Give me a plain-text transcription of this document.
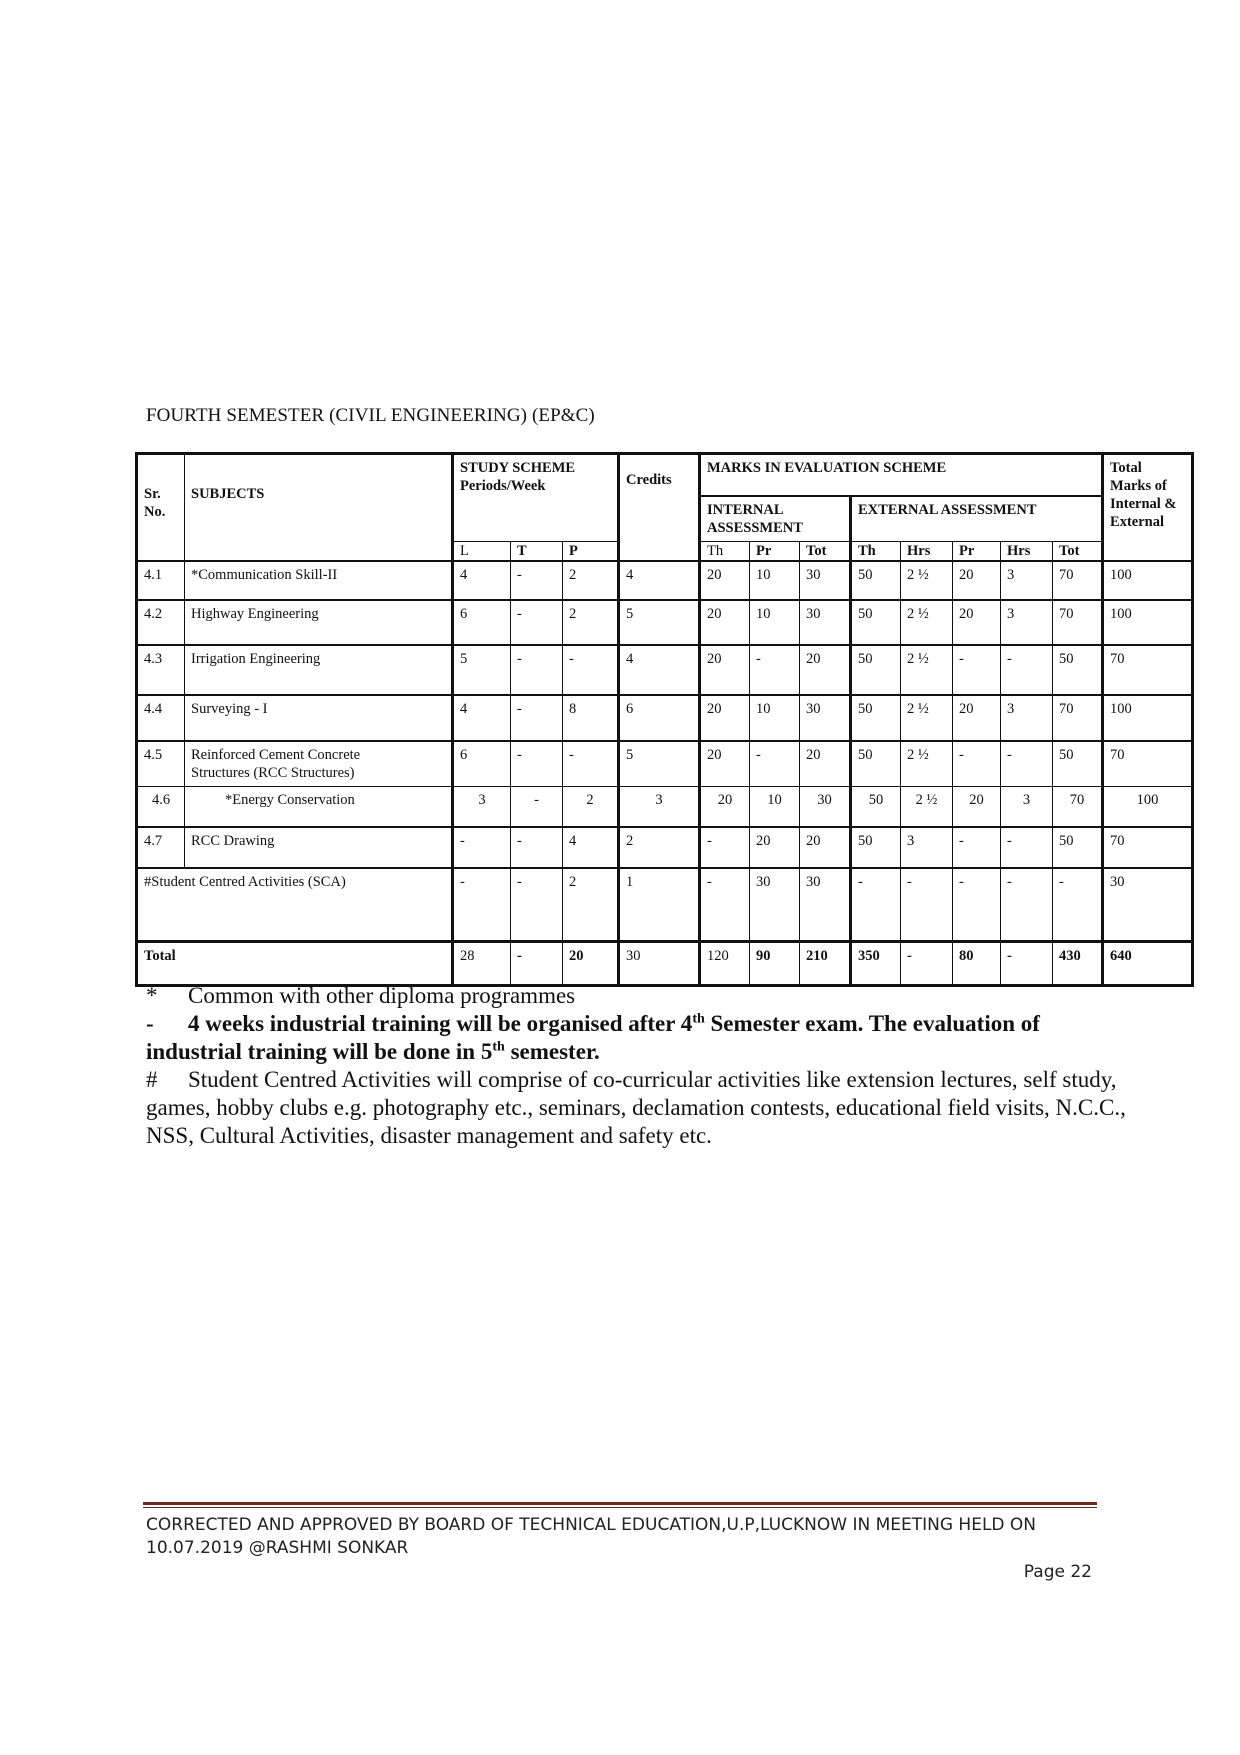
FOURTH SEMESTER (CIVIL ENGINEERING) (EP&C)
Sr. No.	SUBJECTS	STUDY SCHEME Periods/Week			Credits	MARKS IN EVALUATION SCHEME								Total Marks of Internal & External
						INTERNAL ASSESSMENT			EXTERNAL ASSESSMENT					
		L	T	P		Th	Pr	Tot	Th	Hrs	Pr	Hrs	Tot	
4.1	*Communication Skill-II	4	-	2	4	20	10	30	50	2 ½	20	3	70	100
4.2	Highway Engineering	6	-	2	5	20	10	30	50	2 ½	20	3	70	100
4.3	Irrigation Engineering	5	-	-	4	20	-	20	50	2 ½	-	-	50	70
4.4	Surveying - I	4	-	8	6	20	10	30	50	2 ½	20	3	70	100
4.5	Reinforced Cement Concrete Structures (RCC Structures)	6	-	-	5	20	-	20	50	2 ½	-	-	50	70
4.6	*Energy Conservation	3	-	2	3	20	10	30	50	2 ½	20	3	70	100
4.7	RCC Drawing	-	-	4	2	-	20	20	50	3	-	-	50	70
#Student Centred Activities (SCA)		-	-	2	1	-	30	30	-	-	-	-	-	30
Total		28	-	20	30	120	90	210	350	-	80	-	430	640

* Common with other diploma programmes

- 4 weeks industrial training will be organised after 4th Semester exam. The evaluation of industrial training will be done in 5th semester.

# Student Centred Activities will comprise of co-curricular activities like extension lectures, self study, games, hobby clubs e.g. photography etc., seminars, declamation contests, educational field visits, N.C.C., NSS, Cultural Activities, disaster management and safety etc.

CORRECTED AND APPROVED BY BOARD OF TECHNICAL EDUCATION,U.P,LUCKNOW IN MEETING HELD ON 10.07.2019 @RASHMI SONKAR
Page 22
